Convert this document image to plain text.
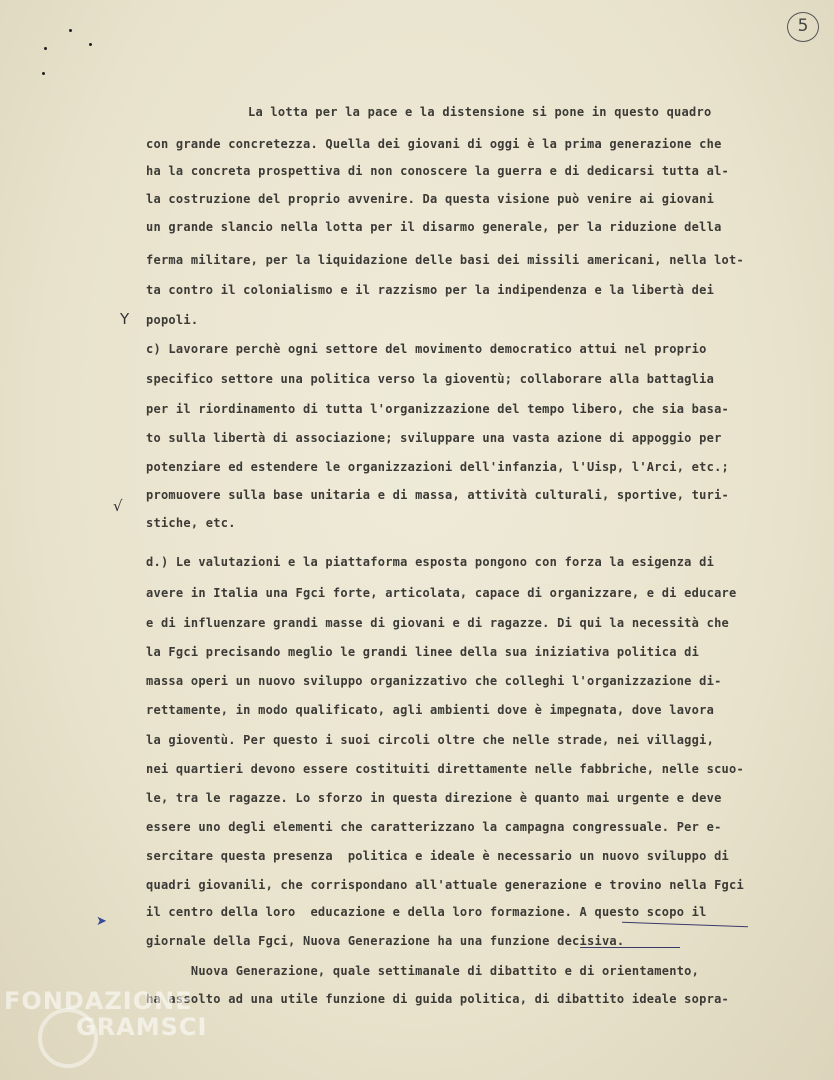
5
Y
√
➤
La lotta per la pace e la distensione si pone in questo quadro
con grande concretezza. Quella dei giovani di oggi è la prima generazione che
ha la concreta prospettiva di non conoscere la guerra e di dedicarsi tutta al-
la costruzione del proprio avvenire. Da questa visione può venire ai giovani
un grande slancio nella lotta per il disarmo generale, per la riduzione della
ferma militare, per la liquidazione delle basi dei missili americani, nella lot-
ta contro il colonialismo e il razzismo per la indipendenza e la libertà dei
popoli.
c) Lavorare perchè ogni settore del movimento democratico attui nel proprio
specifico settore una politica verso la gioventù; collaborare alla battaglia
per il riordinamento di tutta l'organizzazione del tempo libero, che sia basa-
to sulla libertà di associazione; sviluppare una vasta azione di appoggio per
potenziare ed estendere le organizzazioni dell'infanzia, l'Uisp, l'Arci, etc.;
promuovere sulla base unitaria e di massa, attività culturali, sportive, turi-
stiche, etc.
d.) Le valutazioni e la piattaforma esposta pongono con forza la esigenza di
avere in Italia una Fgci forte, articolata, capace di organizzare, e di educare
e di influenzare grandi masse di giovani e di ragazze. Di qui la necessità che
la Fgci precisando meglio le grandi linee della sua iniziativa politica di
massa operi un nuovo sviluppo organizzativo che colleghi l'organizzazione di-
rettamente, in modo qualificato, agli ambienti dove è impegnata, dove lavora
la gioventù. Per questo i suoi circoli oltre che nelle strade, nei villaggi,
nei quartieri devono essere costituiti direttamente nelle fabbriche, nelle scuo-
le, tra le ragazze. Lo sforzo in questa direzione è quanto mai urgente e deve
essere uno degli elementi che caratterizzano la campagna congressuale. Per e-
sercitare questa presenza  politica e ideale è necessario un nuovo sviluppo di
quadri giovanili, che corrispondano all'attuale generazione e trovino nella Fgci
il centro della loro  educazione e della loro formazione. A questo scopo il
giornale della Fgci, Nuova Generazione ha una funzione decisiva.
Nuova Generazione, quale settimanale di dibattito e di orientamento,
ha assolto ad una utile funzione di guida politica, di dibattito ideale sopra-
FONDAZIONE
GRAMSCI
